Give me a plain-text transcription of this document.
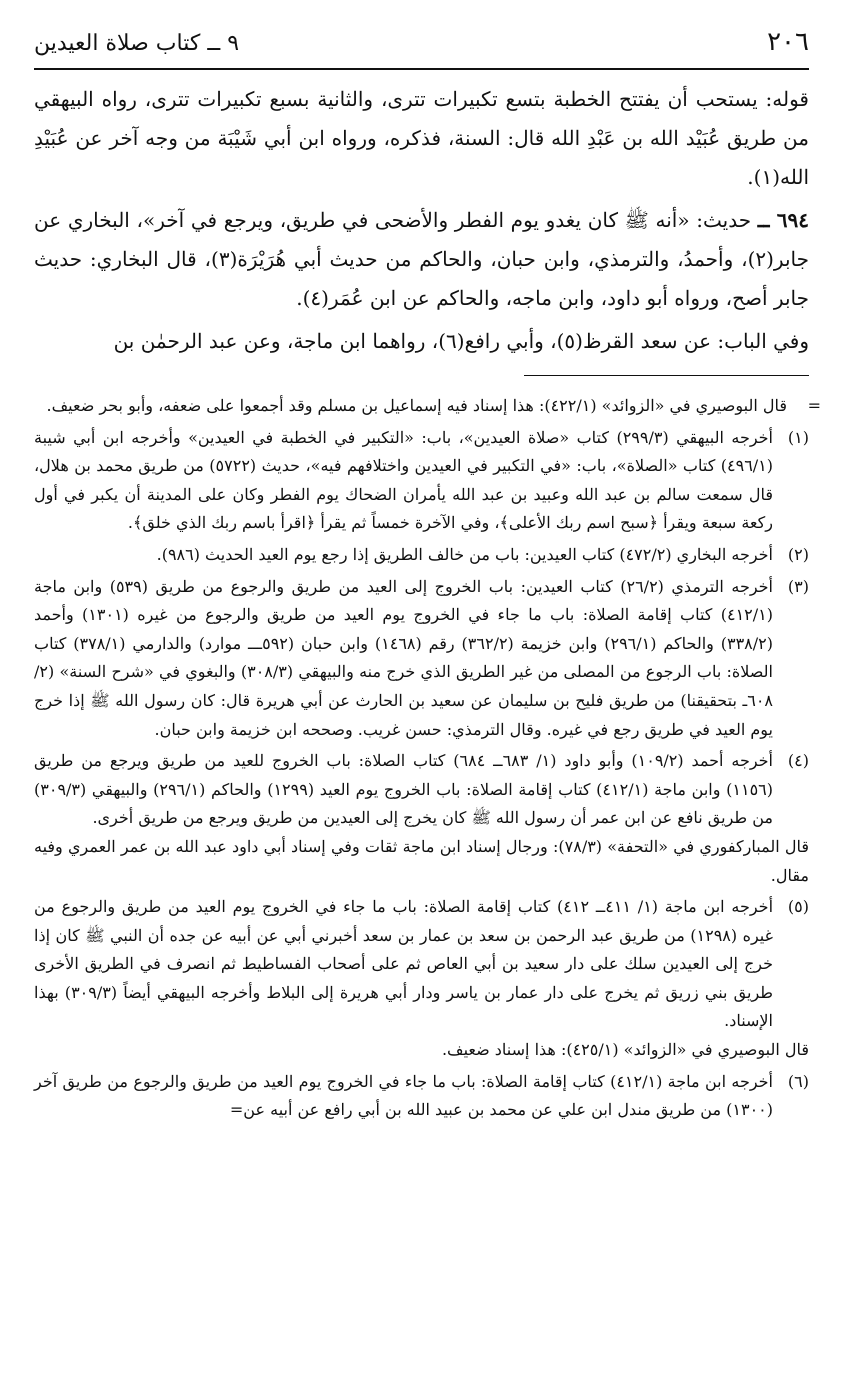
٢٠٦
٩ ــ كتاب صلاة العيدين

قوله: يستحب أن يفتتح الخطبة بتسع تكبيرات تترى، والثانية بسبع تكبيرات تترى، رواه البيهقي من طريق عُبَيْد الله بن عَبْدِ الله قال: السنة، فذكره، ورواه ابن أبي شَيْبَة من وجه آخر عن عُبَيْدِ الله(١).

٦٩٤ ــ حديث: «أنه ﷺ كان يغدو يوم الفطر والأضحى في طريق، ويرجع في آخر»، البخاري عن جابر(٢)، وأحمدُ، والترمذي، وابن حبان، والحاكم من حديث أبي هُرَيْرَة(٣)، قال البخاري: حديث جابر أصح، ورواه أبو داود، وابن ماجه، والحاكم عن ابن عُمَر(٤).

وفي الباب: عن سعد القرظ(٥)، وأبي رافع(٦)، رواهما ابن ماجة، وعن عبد الرحمٰن بن

=
قال البوصيري في «الزوائد» (٤٢٢/١): هذا إسناد فيه إسماعيل بن مسلم وقد أجمعوا على ضعفه، وأبو بحر ضعيف.
(١)
أخرجه البيهقي (٢٩٩/٣) كتاب «صلاة العيدين»، باب: «التكبير في الخطبة في العيدين» وأخرجه ابن أبي شيبة (٤٩٦/١) كتاب «الصلاة»، باب: «في التكبير في العيدين واختلافهم فيه»، حديث (٥٧٢٢) من طريق محمد بن هلال، قال سمعت سالم بن عبد الله وعبيد بن عبد الله يأمران الضحاك يوم الفطر وكان على المدينة أن يكبر في أول ركعة سبعة ويقرأ ﴿سبح اسم ربك الأعلى﴾، وفي الآخرة خمساً ثم يقرأ ﴿اقرأ باسم ربك الذي خلق﴾.
(٢)
أخرجه البخاري (٤٧٢/٢) كتاب العيدين: باب من خالف الطريق إذا رجع يوم العيد الحديث (٩٨٦).
(٣)
أخرجه الترمذي (٢٦/٢) كتاب العيدين: باب الخروج إلى العيد من طريق والرجوع من طريق (٥٣٩) وابن ماجة (٤١٢/١) كتاب إقامة الصلاة: باب ما جاء في الخروج يوم العيد من طريق والرجوع من غيره (١٣٠١) وأحمد (٣٣٨/٢) والحاكم (٢٩٦/١) وابن خزيمة (٣٦٢/٢) رقم (١٤٦٨) وابن حبان (٥٩٢ـــ موارد) والدارمي (٣٧٨/١) كتاب الصلاة: باب الرجوع من المصلى من غير الطريق الذي خرج منه والبيهقي (٣٠٨/٣) والبغوي في «شرح السنة» (٢/ ٦٠٨ـ بتحقيقنا) من طريق فليح بن سليمان عن سعيد بن الحارث عن أبي هريرة قال: كان رسول الله ﷺ إذا خرج يوم العيد في طريق رجع في غيره. وقال الترمذي: حسن غريب. وصححه ابن خزيمة وابن حبان.
(٤)
أخرجه أحمد (١٠٩/٢) وأبو داود (١/ ٦٨٣ــ ٦٨٤) كتاب الصلاة: باب الخروج للعيد من طريق ويرجع من طريق (١١٥٦) وابن ماجة (٤١٢/١) كتاب إقامة الصلاة: باب الخروج يوم العيد (١٢٩٩) والحاكم (٢٩٦/١) والبيهقي (٣٠٩/٣) من طريق نافع عن ابن عمر أن رسول الله ﷺ كان يخرج إلى العيدين من طريق ويرجع من طريق أخرى.
قال المباركفوري في «التحفة» (٧٨/٣): ورجال إسناد ابن ماجة ثقات وفي إسناد أبي داود عبد الله بن عمر العمري وفيه مقال.
(٥)
أخرجه ابن ماجة (١/ ٤١١ــ ٤١٢) كتاب إقامة الصلاة: باب ما جاء في الخروج يوم العيد من طريق والرجوع من غيره (١٢٩٨) من طريق عبد الرحمن بن سعد بن عمار بن سعد أخبرني أبي عن أبيه عن جده أن النبي ﷺ كان إذا خرج إلى العيدين سلك على دار سعيد بن أبي العاص ثم على أصحاب الفساطيط ثم انصرف في الطريق الأخرى طريق بني زريق ثم يخرج على دار عمار بن ياسر ودار أبي هريرة إلى البلاط وأخرجه البيهقي أيضاً (٣٠٩/٣) بهذا الإسناد.
قال البوصيري في «الزوائد» (٤٢٥/١): هذا إسناد ضعيف.
(٦)
أخرجه ابن ماجة (٤١٢/١) كتاب إقامة الصلاة: باب ما جاء في الخروج يوم العيد من طريق والرجوع من طريق آخر (١٣٠٠) من طريق مندل ابن علي عن محمد بن عبيد الله بن أبي رافع عن أبيه عن=
